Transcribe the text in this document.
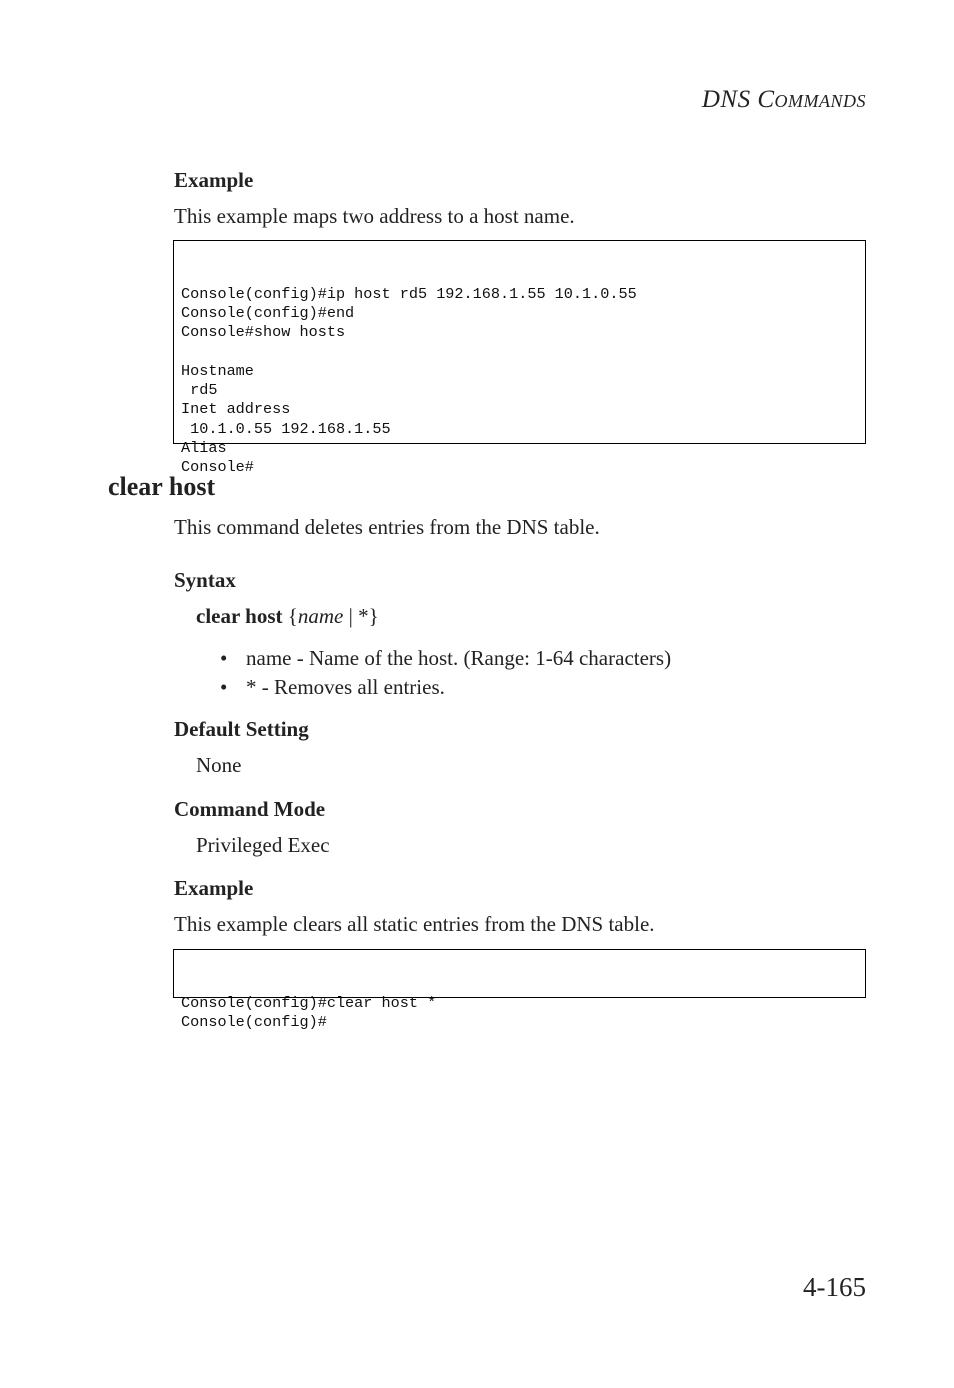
DNS COMMANDS
Example
This example maps two address to a host name.

Console(config)#ip host rd5 192.168.1.55 10.1.0.55
Console(config)#end
Console#show hosts
Hostname
rd5
Inet address
10.1.0.55 192.168.1.55
Alias
Console#

clear host
This command deletes entries from the DNS table.
Syntax
clear host {name | *}
• name - Name of the host. (Range: 1-64 characters)
• * - Removes all entries.
Default Setting
None
Command Mode
Privileged Exec
Example
This example clears all static entries from the DNS table.

Console(config)#clear host *
Console(config)#

4-165
